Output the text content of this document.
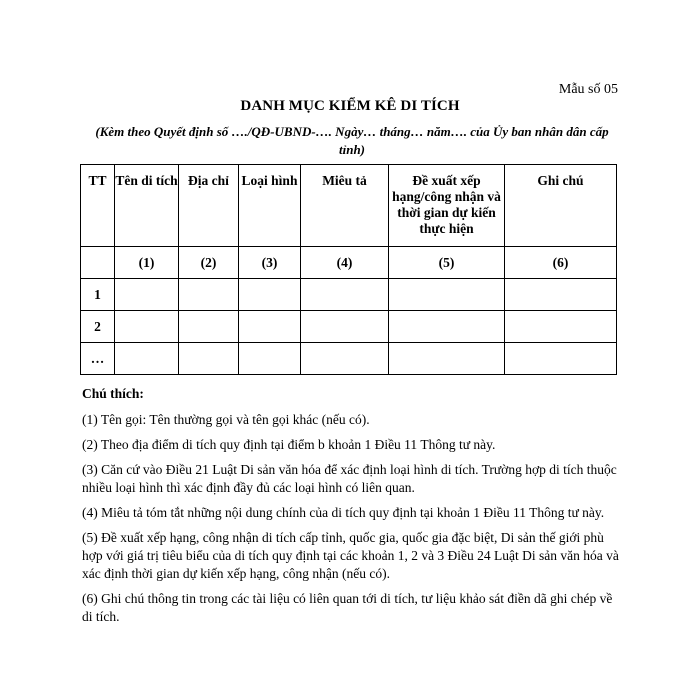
Mẫu số 05
DANH MỤC KIỂM KÊ DI TÍCH
(Kèm theo Quyết định số …./QĐ-UBND-…. Ngày… tháng… năm…. của Ủy ban nhân dân cấp tỉnh)
TT	Tên di tích	Địa chỉ	Loại hình	Miêu tả	Đề xuất xếp hạng/công nhận và thời gian dự kiến thực hiện	Ghi chú
	(1)	(2)	(3)	(4)	(5)	(6)
1						
2						
…						
Chú thích:

(1) Tên gọi: Tên thường gọi và tên gọi khác (nếu có).

(2) Theo địa điểm di tích quy định tại điểm b khoản 1 Điều 11 Thông tư này.

(3) Căn cứ vào Điều 21 Luật Di sản văn hóa để xác định loại hình di tích. Trường hợp di tích thuộc nhiều loại hình thì xác định đầy đủ các loại hình có liên quan.

(4) Miêu tả tóm tắt những nội dung chính của di tích quy định tại khoản 1 Điều 11 Thông tư này.

(5) Đề xuất xếp hạng, công nhận di tích cấp tỉnh, quốc gia, quốc gia đặc biệt, Di sản thế giới phù hợp với giá trị tiêu biểu của di tích quy định tại các khoản 1, 2 và 3 Điều 24 Luật Di sản văn hóa và xác định thời gian dự kiến xếp hạng, công nhận (nếu có).

(6) Ghi chú thông tin trong các tài liệu có liên quan tới di tích, tư liệu khảo sát điền dã ghi chép về di tích.
